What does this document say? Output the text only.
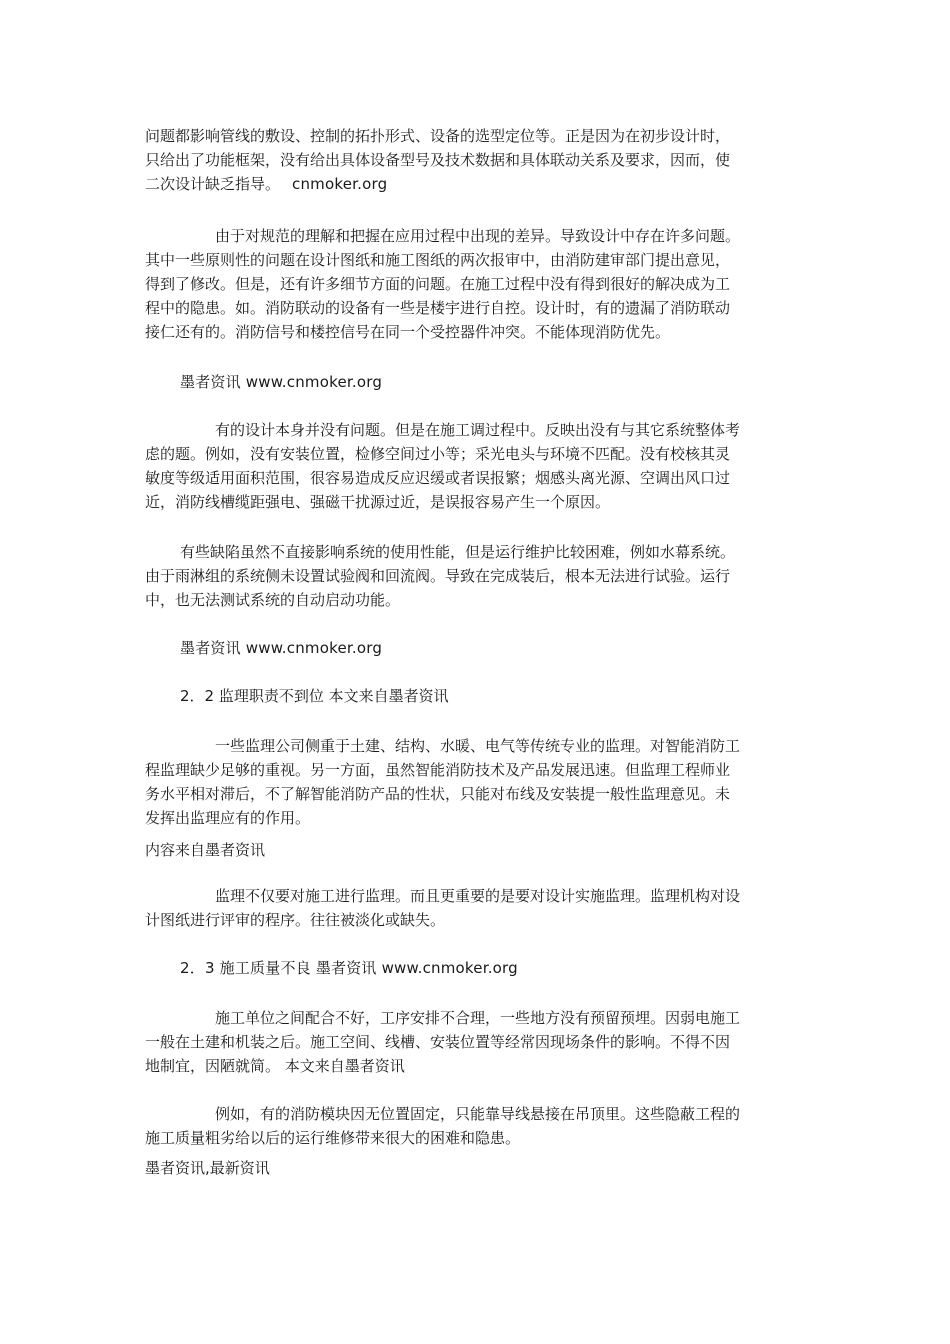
问题都影响管线的敷设、控制的拓扑形式、设备的选型定位等。正是因为在初步设计时，
只给出了功能框架，没有给出具体设备型号及技术数据和具体联动关系及要求，因而，使
二次设计缺乏指导。 cnmoker.org
由于对规范的理解和把握在应用过程中出现的差异。导致设计中存在许多问题。
其中一些原则性的问题在设计图纸和施工图纸的两次报审中，由消防建审部门提出意见，
得到了修改。但是，还有许多细节方面的问题。在施工过程中没有得到很好的解决成为工
程中的隐患。如。消防联动的设备有一些是楼宇进行自控。设计时，有的遗漏了消防联动
接仁还有的。消防信号和楼控信号在同一个受控器件冲突。不能体现消防优先。
墨者资讯 www.cnmoker.org
有的设计本身并没有问题。但是在施工调过程中。反映出没有与其它系统整体考
虑的题。例如，没有安装位置，检修空间过小等；采光电头与环境不匹配。没有校核其灵
敏度等级适用面积范围，很容易造成反应迟缓或者误报繁；烟感头离光源、空调出风口过
近，消防线槽缆距强电、强磁干扰源过近，是误报容易产生一个原因。
有些缺陷虽然不直接影响系统的使用性能，但是运行维护比较困难，例如水幕系统。
由于雨淋组的系统侧未设置试验阀和回流阀。导致在完成装后，根本无法进行试验。运行
中，也无法测试系统的自动启动功能。
墨者资讯 www.cnmoker.org
2．2 监理职责不到位 本文来自墨者资讯
一些监理公司侧重于土建、结构、水暖、电气等传统专业的监理。对智能消防工
程监理缺少足够的重视。另一方面，虽然智能消防技术及产品发展迅速。但监理工程师业
务水平相对滞后，不了解智能消防产品的性状，只能对布线及安装提一般性监理意见。未
发挥出监理应有的作用。
内容来自墨者资讯
监理不仅要对施工进行监理。而且更重要的是要对设计实施监理。监理机构对设
计图纸进行评审的程序。往往被淡化或缺失。
2．3 施工质量不良 墨者资讯 www.cnmoker.org
施工单位之间配合不好，工序安排不合理，一些地方没有预留预埋。因弱电施工
一般在土建和机装之后。施工空间、线槽、安装位置等经常因现场条件的影响。不得不因
地制宜，因陋就简。 本文来自墨者资讯
例如，有的消防模块因无位置固定，只能靠导线悬接在吊顶里。这些隐蔽工程的
施工质量粗劣给以后的运行维修带来很大的困难和隐患。
墨者资讯,最新资讯
